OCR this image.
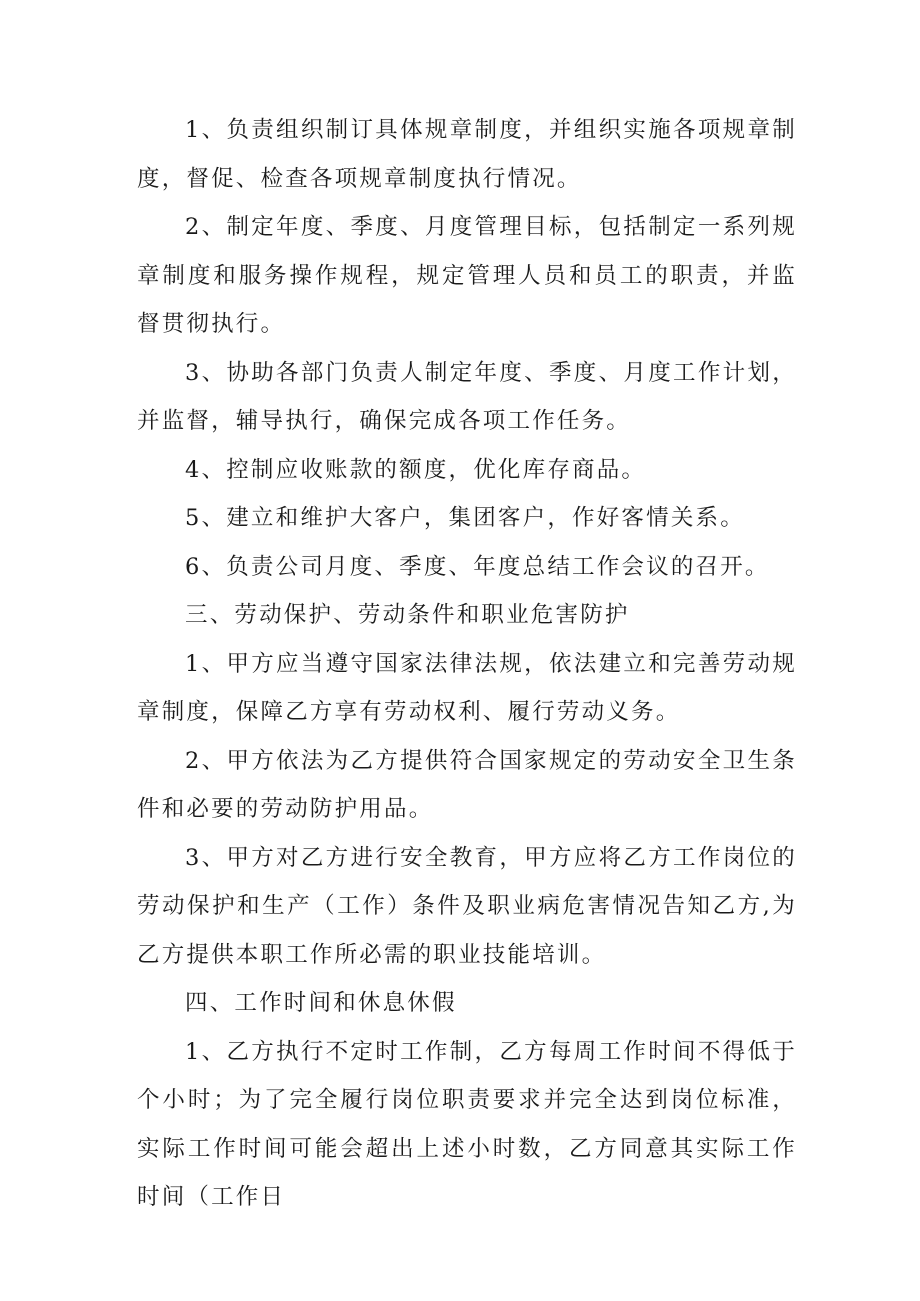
1、负责组织制订具体规章制度，并组织实施各项规章制度，督促、检查各项规章制度执行情况。

2、制定年度、季度、月度管理目标，包括制定一系列规章制度和服务操作规程，规定管理人员和员工的职责，并监督贯彻执行。

3、协助各部门负责人制定年度、季度、月度工作计划，并监督，辅导执行，确保完成各项工作任务。

4、控制应收账款的额度，优化库存商品。

5、建立和维护大客户，集团客户，作好客情关系。

6、负责公司月度、季度、年度总结工作会议的召开。

三、劳动保护、劳动条件和职业危害防护

1、甲方应当遵守国家法律法规，依法建立和完善劳动规章制度，保障乙方享有劳动权利、履行劳动义务。

2、甲方依法为乙方提供符合国家规定的劳动安全卫生条件和必要的劳动防护用品。

3、甲方对乙方进行安全教育，甲方应将乙方工作岗位的劳动保护和生产（工作）条件及职业病危害情况告知乙方,为乙方提供本职工作所必需的职业技能培训。

四、工作时间和休息休假

1、乙方执行不定时工作制，乙方每周工作时间不得低于个小时；为了完全履行岗位职责要求并完全达到岗位标准，实际工作时间可能会超出上述小时数，乙方同意其实际工作时间（工作日
